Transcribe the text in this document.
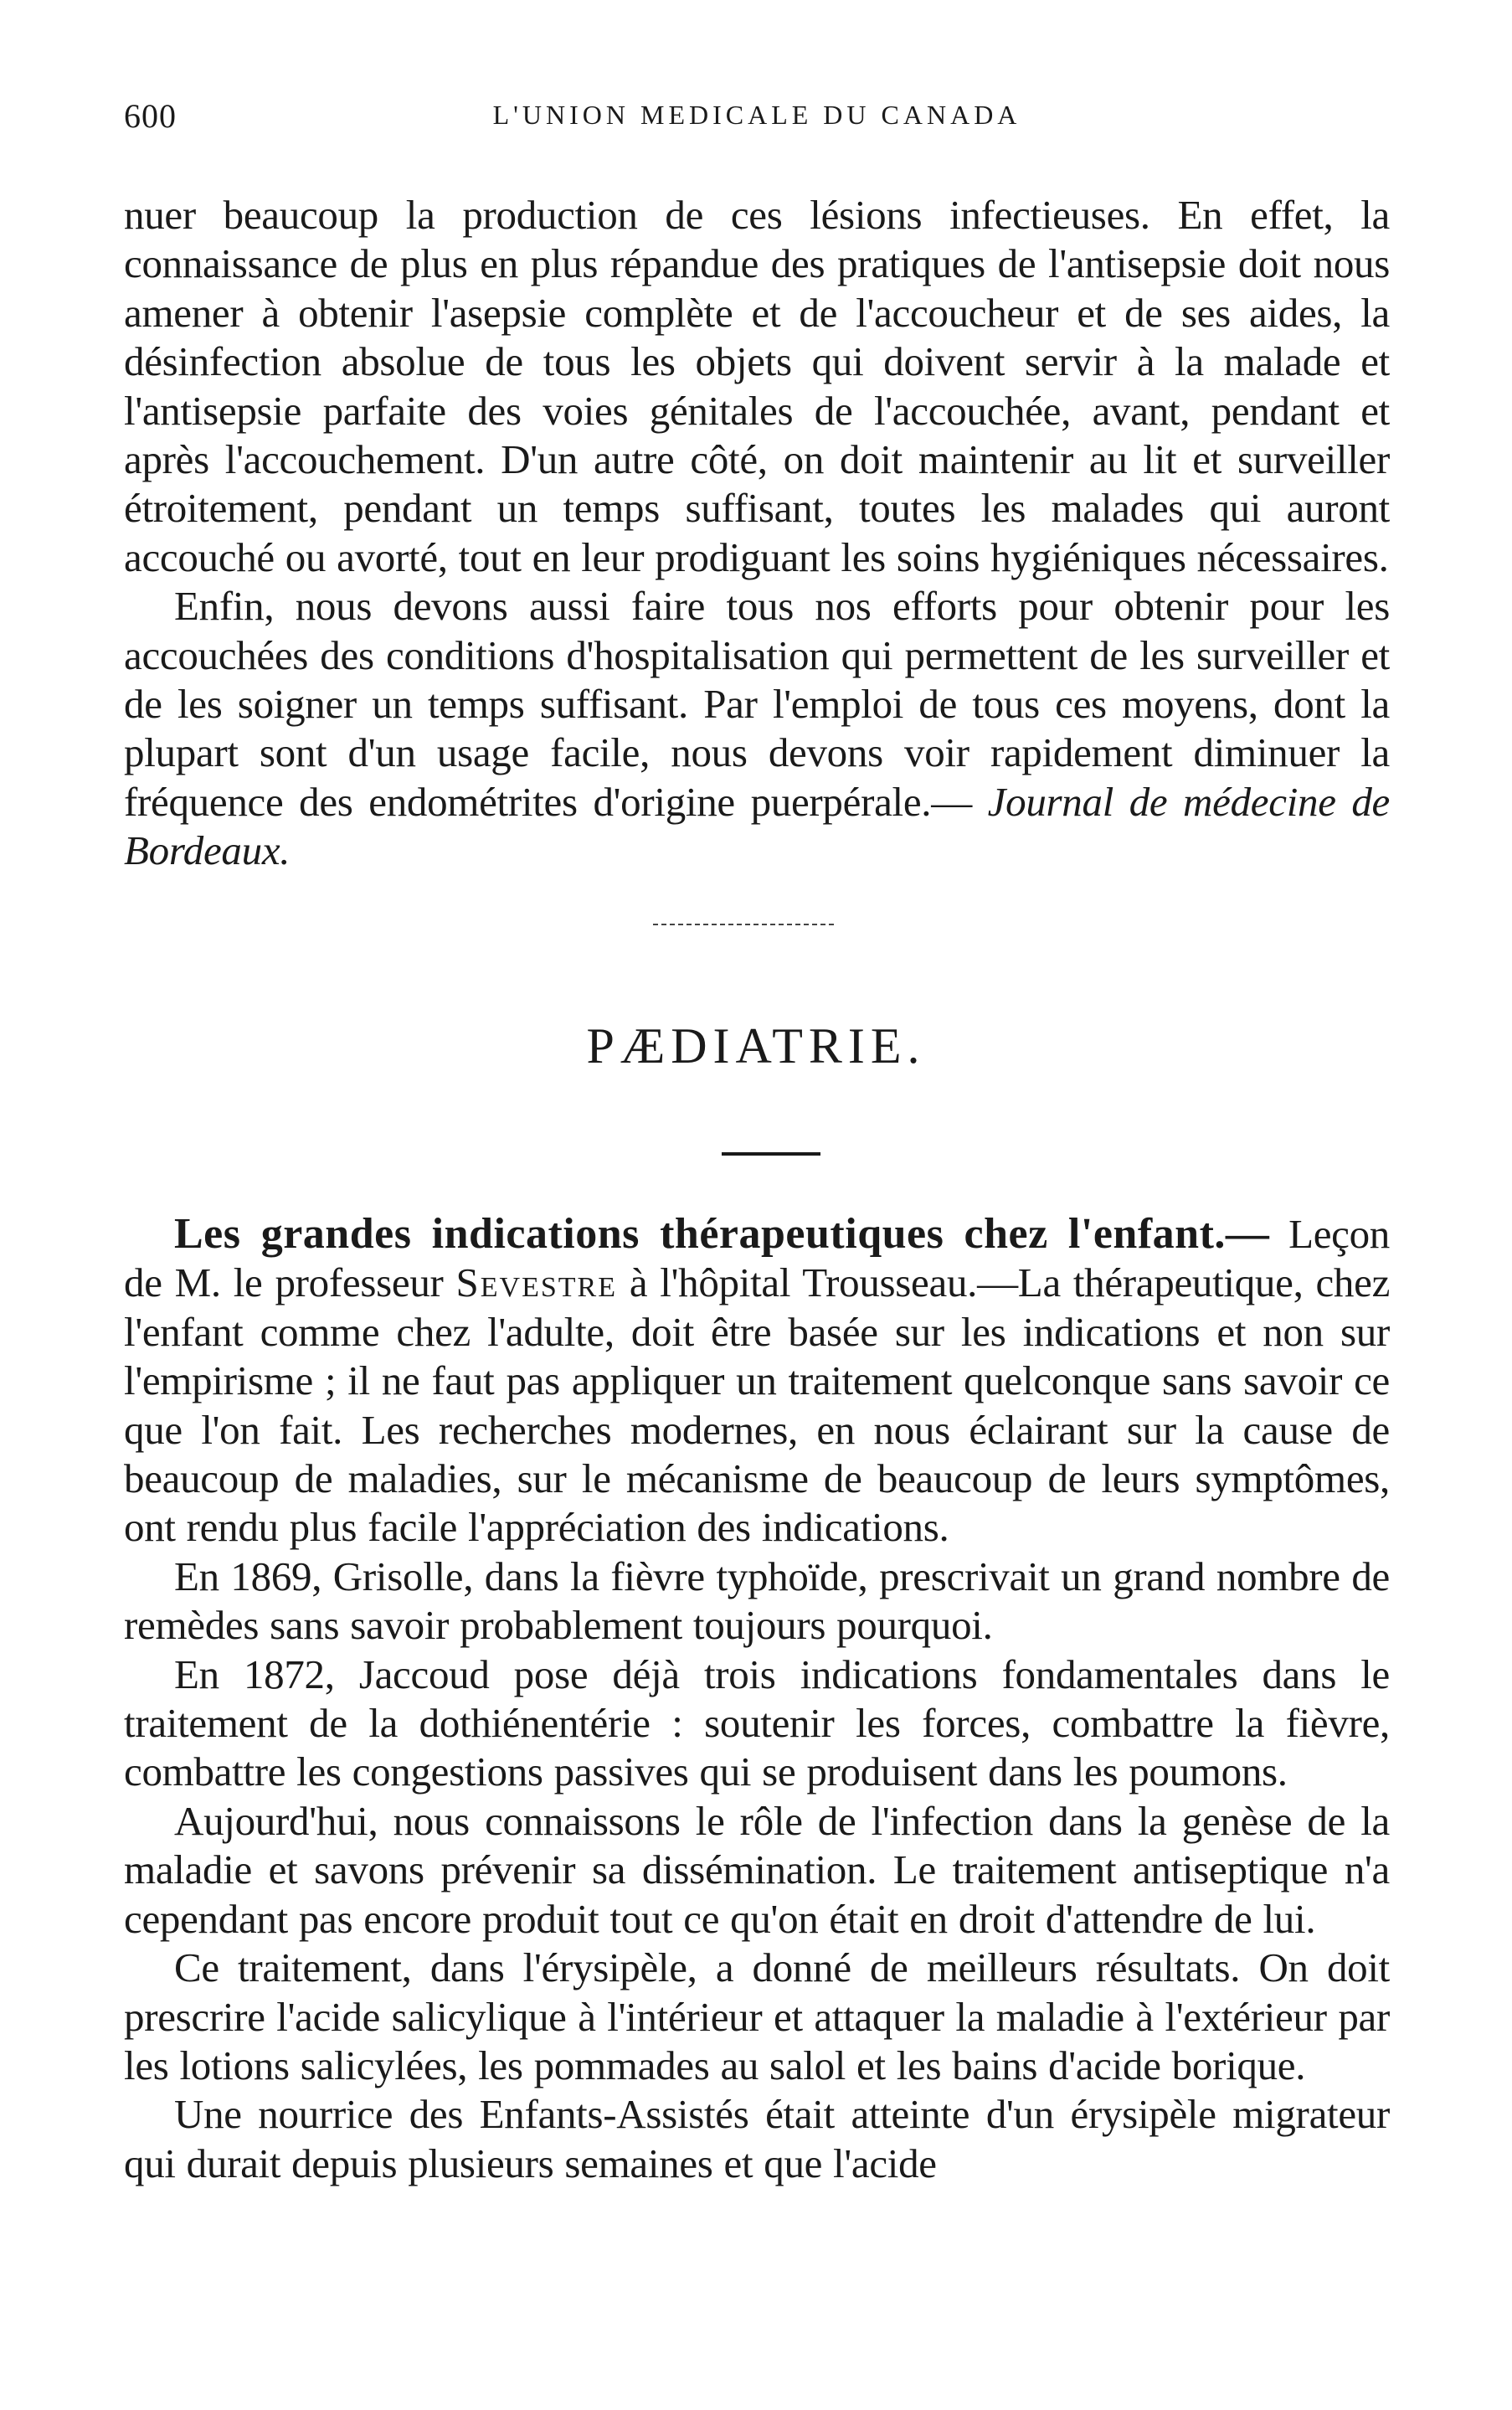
600	L'UNION MEDICALE DU CANADA

nuer beaucoup la production de ces lésions infectieuses. En effet, la connaissance de plus en plus répandue des pratiques de l'antisepsie doit nous amener à obtenir l'asepsie complète et de l'accoucheur et de ses aides, la désinfection absolue de tous les objets qui doivent servir à la malade et l'antisepsie parfaite des voies génitales de l'accouchée, avant, pendant et après l'accouchement. D'un autre côté, on doit maintenir au lit et surveiller étroitement, pendant un temps suffisant, toutes les malades qui auront accouché ou avorté, tout en leur prodiguant les soins hygiéniques nécessaires.

Enfin, nous devons aussi faire tous nos efforts pour obtenir pour les accouchées des conditions d'hospitalisation qui permettent de les surveiller et de les soigner un temps suffisant. Par l'emploi de tous ces moyens, dont la plupart sont d'un usage facile, nous devons voir rapidement diminuer la fréquence des endométrites d'origine puerpérale.— Journal de médecine de Bordeaux.

PÆDIATRIE.

Les grandes indications thérapeutiques chez l'enfant.— Leçon de M. le professeur Sevestre à l'hôpital Trousseau.—La thérapeutique, chez l'enfant comme chez l'adulte, doit être basée sur les indications et non sur l'empirisme ; il ne faut pas appliquer un traitement quelconque sans savoir ce que l'on fait. Les recherches modernes, en nous éclairant sur la cause de beaucoup de maladies, sur le mécanisme de beaucoup de leurs symptômes, ont rendu plus facile l'appréciation des indications.

En 1869, Grisolle, dans la fièvre typhoïde, prescrivait un grand nombre de remèdes sans savoir probablement toujours pourquoi.

En 1872, Jaccoud pose déjà trois indications fondamentales dans le traitement de la dothiénentérie : soutenir les forces, combattre la fièvre, combattre les congestions passives qui se produisent dans les poumons.

Aujourd'hui, nous connaissons le rôle de l'infection dans la genèse de la maladie et savons prévenir sa dissémination. Le traitement antiseptique n'a cependant pas encore produit tout ce qu'on était en droit d'attendre de lui.

Ce traitement, dans l'érysipèle, a donné de meilleurs résultats. On doit prescrire l'acide salicylique à l'intérieur et attaquer la maladie à l'extérieur par les lotions salicylées, les pommades au salol et les bains d'acide borique.

Une nourrice des Enfants-Assistés était atteinte d'un érysipèle migrateur qui durait depuis plusieurs semaines et que l'acide
